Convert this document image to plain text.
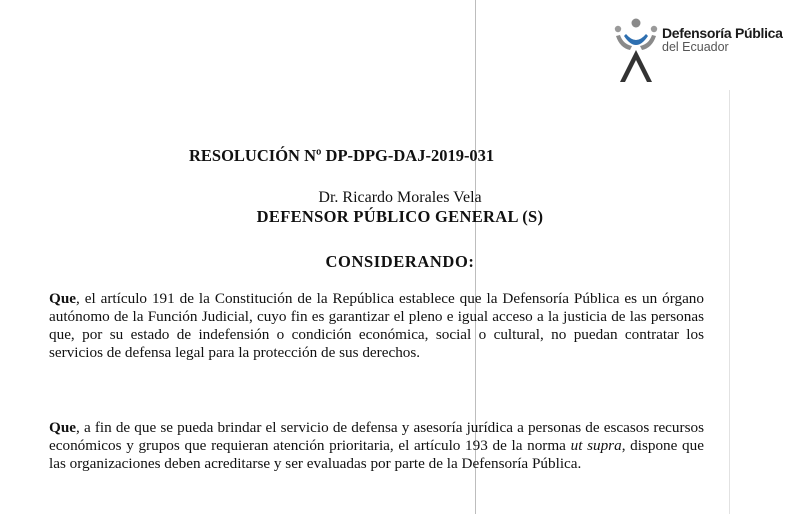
Defensoría Pública
del Ecuador
RESOLUCIÓN Nº DP-DPG-DAJ-2019-031
Dr. Ricardo Morales Vela
DEFENSOR PÚBLICO GENERAL (S)
CONSIDERANDO:

Que, el artículo 191 de la Constitución de la República establece que la Defensoría Pública es un órgano autónomo de la Función Judicial, cuyo fin es garantizar el pleno e igual acceso a la justicia de las personas que, por su estado de indefensión o condición económica, social o cultural, no puedan contratar los servicios de defensa legal para la protección de sus derechos.

Que, a fin de que se pueda brindar el servicio de defensa y asesoría jurídica a personas de escasos recursos económicos y grupos que requieran atención prioritaria, el artículo 193 de la norma ut supra, dispone que las organizaciones deben acreditarse y ser evaluadas por parte de la Defensoría Pública.
